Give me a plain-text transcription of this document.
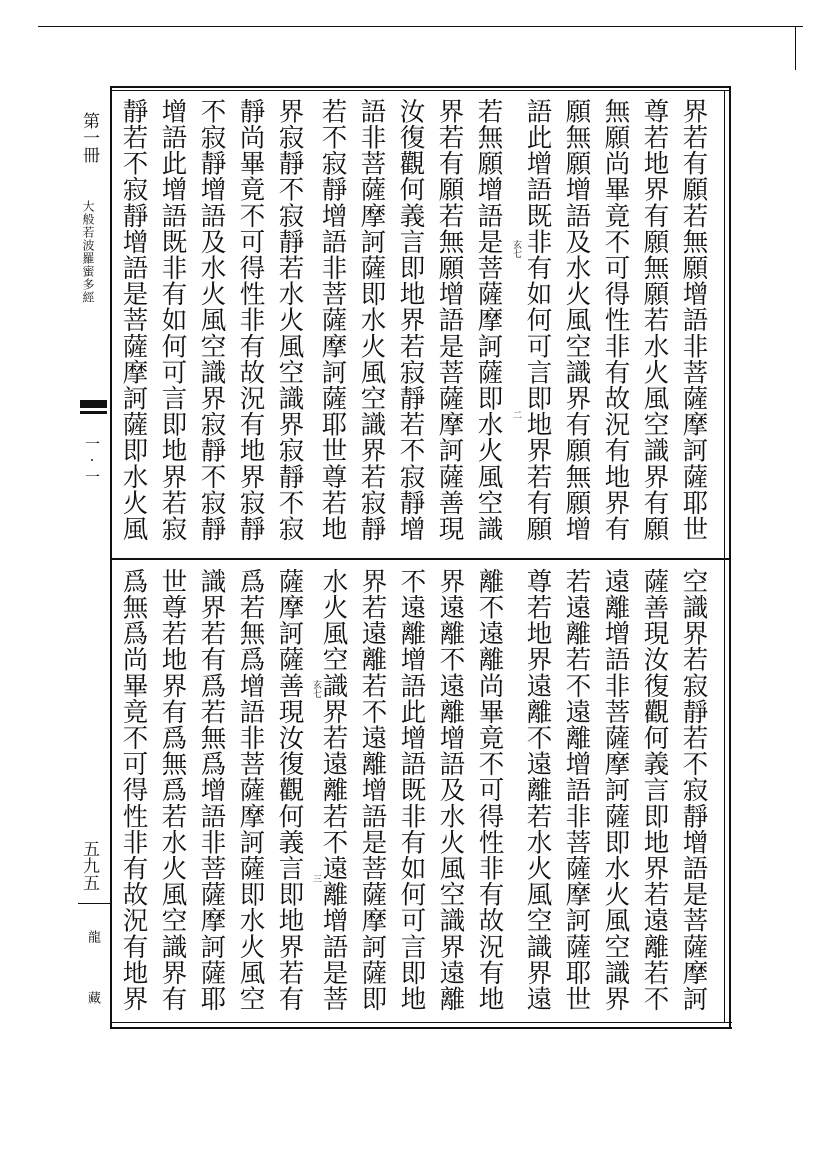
第一冊
大般若波羅蜜多經
一·一
五九五
龍藏
界若有願若無願增語非菩薩摩訶薩耶世
尊若地界有願無願若水火風空識界有願
無願尚畢竟不可得性非有故況有地界有
願無願增語及水火風空識界有願無願增
語此增語既非有如何可言即地界若有願
若無願增語是菩薩摩訶薩即水火風空識
界若有願若無願增語是菩薩摩訶薩善現
汝復觀何義言即地界若寂靜若不寂靜增
語非菩薩摩訶薩即水火風空識界若寂靜
若不寂靜增語非菩薩摩訶薩耶世尊若地
界寂靜不寂靜若水火風空識界寂靜不寂
靜尚畢竟不可得性非有故況有地界寂靜
不寂靜增語及水火風空識界寂靜不寂靜
增語此增語既非有如何可言即地界若寂
靜若不寂靜增語是菩薩摩訶薩即水火風	玄七
二
空識界若寂靜若不寂靜增語是菩薩摩訶
薩善現汝復觀何義言即地界若遠離若不
遠離增語非菩薩摩訶薩即水火風空識界
若遠離若不遠離增語非菩薩摩訶薩耶世
尊若地界遠離不遠離若水火風空識界遠
離不遠離尚畢竟不可得性非有故況有地
界遠離不遠離增語及水火風空識界遠離
不遠離增語此增語既非有如何可言即地
界若遠離若不遠離增語是菩薩摩訶薩即
水火風空識界若遠離若不遠離增語是菩
薩摩訶薩善現汝復觀何義言即地界若有
爲若無爲增語非菩薩摩訶薩即水火風空
識界若有爲若無爲增語非菩薩摩訶薩耶
世尊若地界有爲無爲若水火風空識界有
爲無爲尚畢竟不可得性非有故況有地界	玄七
三
